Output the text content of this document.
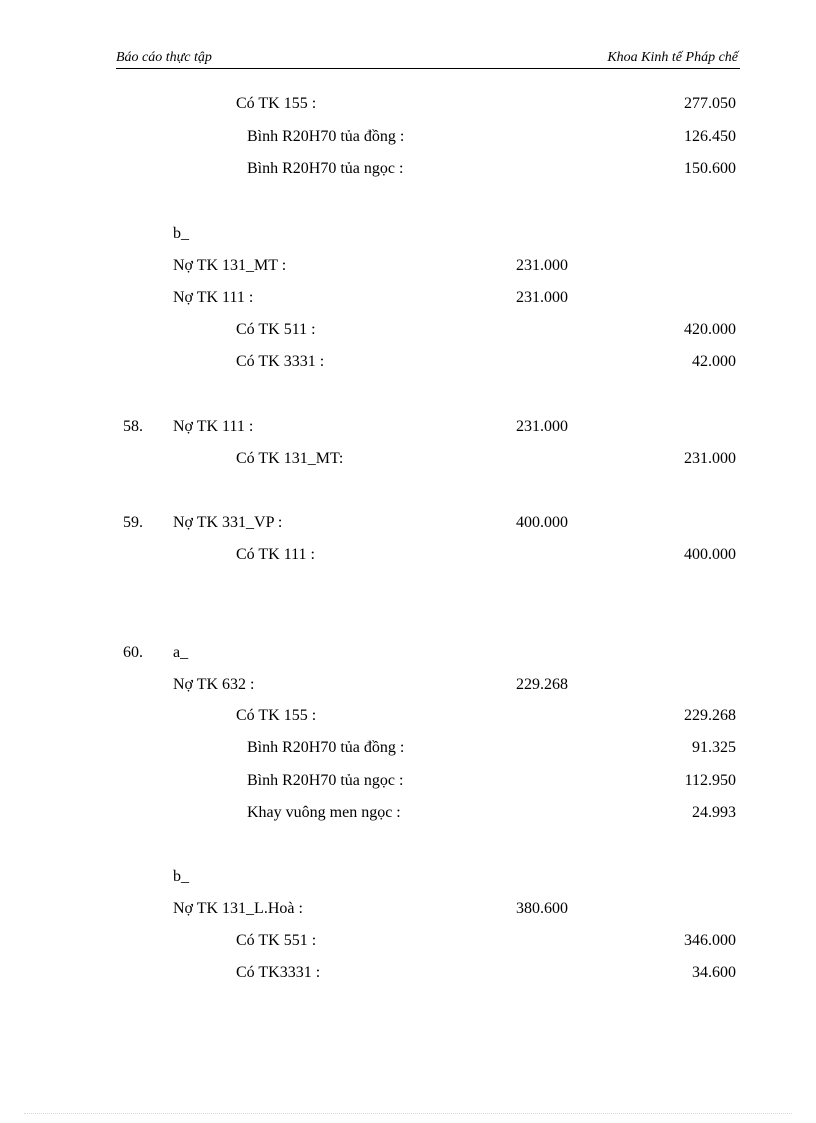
Báo cáo thực tập	Khoa Kinh tế Pháp chế
Có TK 155 :	277.050
Bình R20H70 tủa đồng :	126.450
Bình R20H70 tủa ngọc :	150.600
b_
Nợ TK 131_MT :	231.000
Nợ TK 111 :	231.000
Có TK 511 :	420.000
Có TK 3331 :	42.000
58. Nợ TK 111 :	231.000
Có TK 131_MT:	231.000
59. Nợ TK 331_VP :	400.000
Có TK 111 :	400.000
60. a_
Nợ TK 632 :	229.268
Có TK 155 :	229.268
Bình R20H70 tủa đồng :	91.325
Bình R20H70 tủa ngọc :	112.950
Khay vuông men ngọc :	24.993
b_
Nợ TK 131_L.Hoà :	380.600
Có TK 551 :	346.000
Có TK3331 :	34.600
